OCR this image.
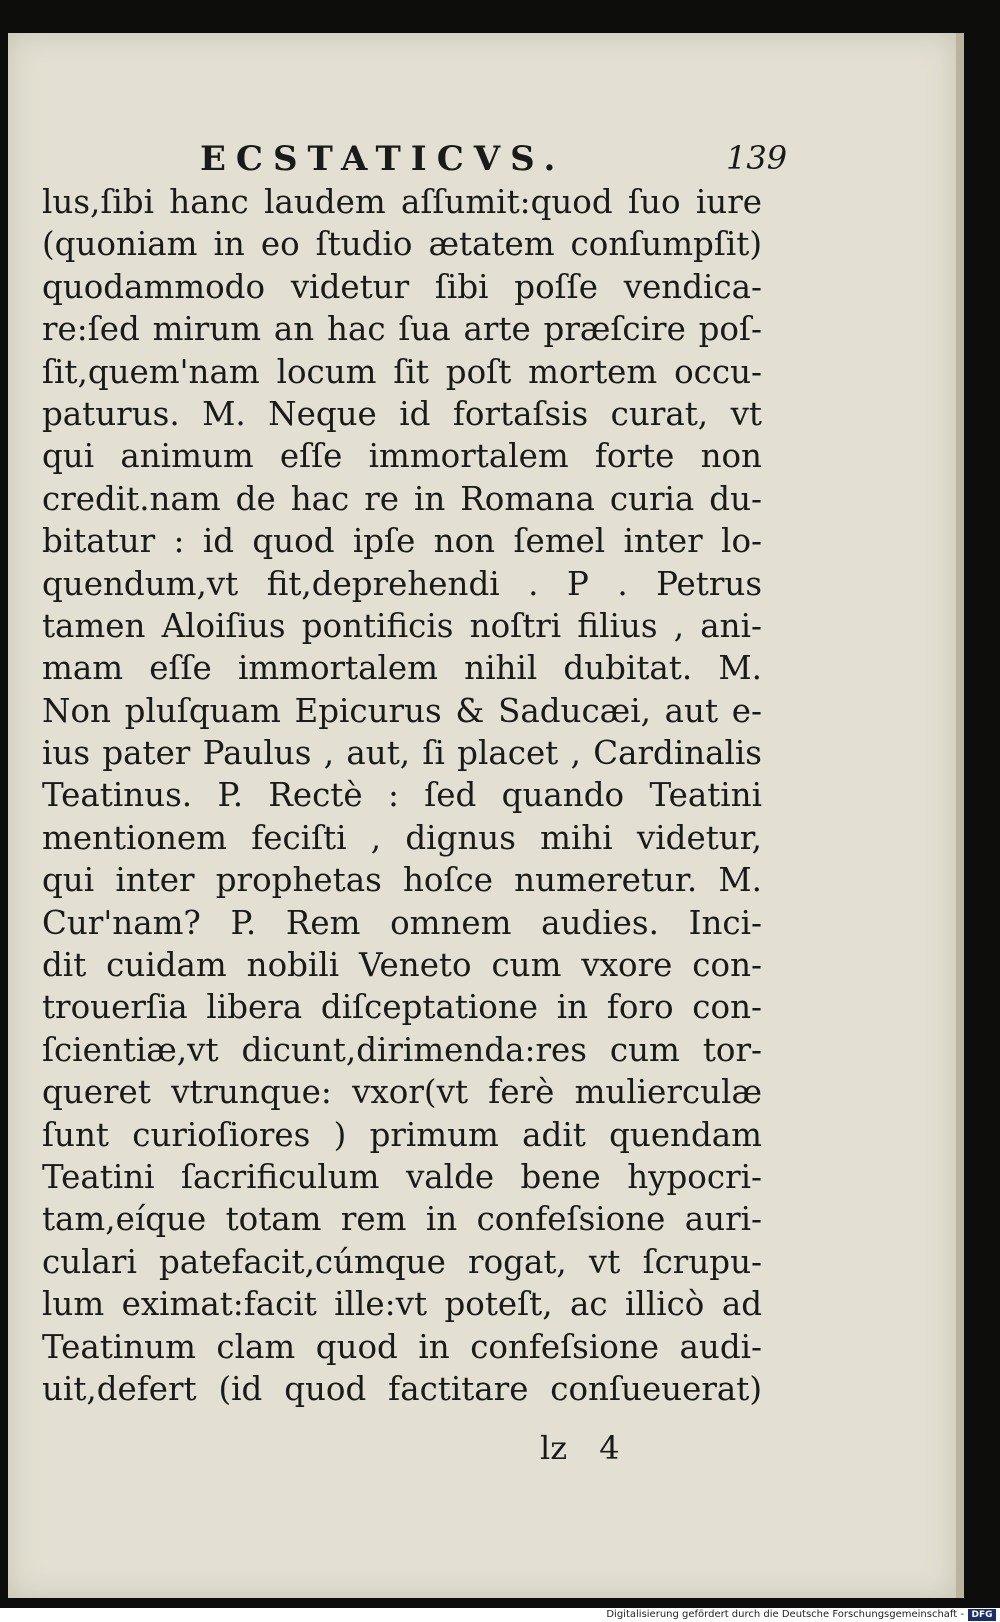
ECSTATICVS.	139
lus,ſibi hanc laudem aſſumit:quod ſuo iure
(quoniam in eo ſtudio ætatem conſumpſit)
quodammodo videtur ſibi poſſe vendica-
re:ſed mirum an hac ſua arte præſcire poſ-
ſit,quem'nam locum ſit poſt mortem occu-
paturus. M. Neque id fortaſsis curat, vt
qui animum eſſe immortalem forte non
credit.nam de hac re in Romana curia du-
bitatur : id quod ipſe non ſemel inter lo-
quendum,vt fit,deprehendi . P . Petrus
tamen Aloiſius pontificis noſtri filius , ani-
mam eſſe immortalem nihil dubitat. M.
Non pluſquam Epicurus & Saducæi, aut e-
ius pater Paulus , aut, ſi placet , Cardinalis
Teatinus. P. Rectè : ſed quando Teatini
mentionem feciſti , dignus mihi videtur,
qui inter prophetas hoſce numeretur. M.
Cur'nam? P. Rem omnem audies. Inci-
dit cuidam nobili Veneto cum vxore con-
trouerſia libera diſceptatione in foro con-
ſcientiæ,vt dicunt,dirimenda:res cum tor-
queret vtrunque: vxor(vt ferè mulierculæ
ſunt curioſiores ) primum adit quendam
Teatini ſacrificulum valde bene hypocri-
tam,eíque totam rem in confeſsione auri-
culari patefacit,cúmque rogat, vt ſcrupu-
lum eximat:facit ille:vt poteſt, ac illicò ad
Teatinum clam quod in confeſsione audi-
uit,defert (id quod factitare conſueuerat)
lz 4
Digitalisierung gefördert durch die Deutsche Forschungsgemeinschaft - DFG
